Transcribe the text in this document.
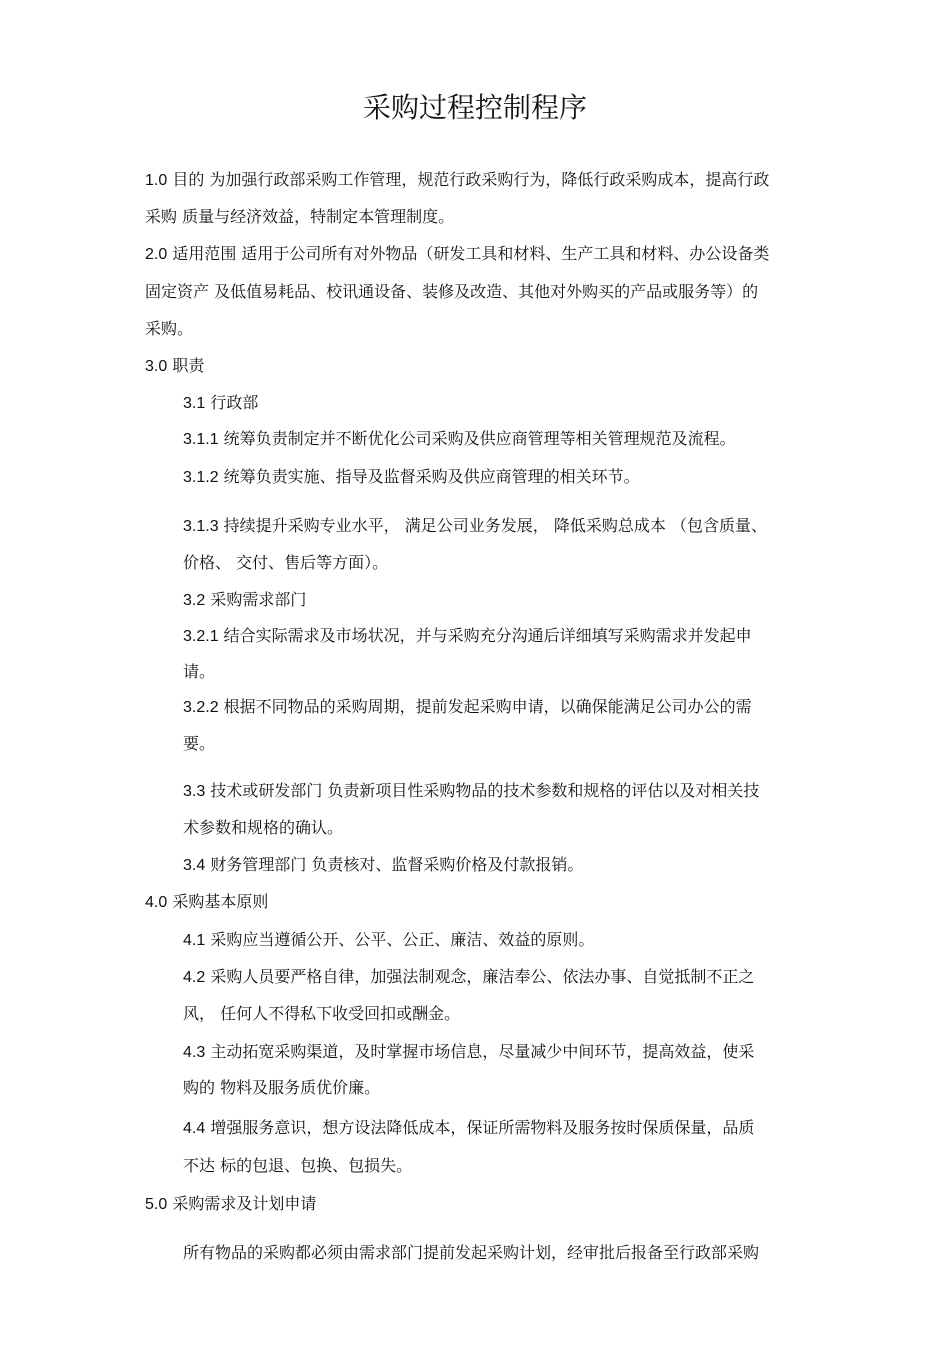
采购过程控制程序
1.0 目的 为加强行政部采购工作管理，规范行政采购行为，降低行政采购成本，提高行政
采购 质量与经济效益，特制定本管理制度。
2.0 适用范围 适用于公司所有对外物品（研发工具和材料、生产工具和材料、办公设备类
固定资产 及低值易耗品、校讯通设备、装修及改造、其他对外购买的产品或服务等）的
采购。
3.0 职责
3.1 行政部
3.1.1 统筹负责制定并不断优化公司采购及供应商管理等相关管理规范及流程。
3.1.2 统筹负责实施、指导及监督采购及供应商管理的相关环节。
3.1.3 持续提升采购专业水平， 满足公司业务发展， 降低采购总成本 （包含质量、
价格、 交付、售后等方面）。
3.2 采购需求部门
3.2.1 结合实际需求及市场状况，并与采购充分沟通后详细填写采购需求并发起申
请。
3.2.2 根据不同物品的采购周期，提前发起采购申请，以确保能满足公司办公的需
要。
3.3 技术或研发部门 负责新项目性采购物品的技术参数和规格的评估以及对相关技
术参数和规格的确认。
3.4 财务管理部门 负责核对、监督采购价格及付款报销。
4.0 采购基本原则
4.1 采购应当遵循公开、公平、公正、廉洁、效益的原则。
4.2 采购人员要严格自律，加强法制观念，廉洁奉公、依法办事、自觉抵制不正之
风， 任何人不得私下收受回扣或酬金。
4.3 主动拓宽采购渠道，及时掌握市场信息，尽量减少中间环节，提高效益，使采
购的 物料及服务质优价廉。
4.4 增强服务意识，想方设法降低成本，保证所需物料及服务按时保质保量，品质
不达 标的包退、包换、包损失。
5.0 采购需求及计划申请
所有物品的采购都必须由需求部门提前发起采购计划，经审批后报备至行政部采购
